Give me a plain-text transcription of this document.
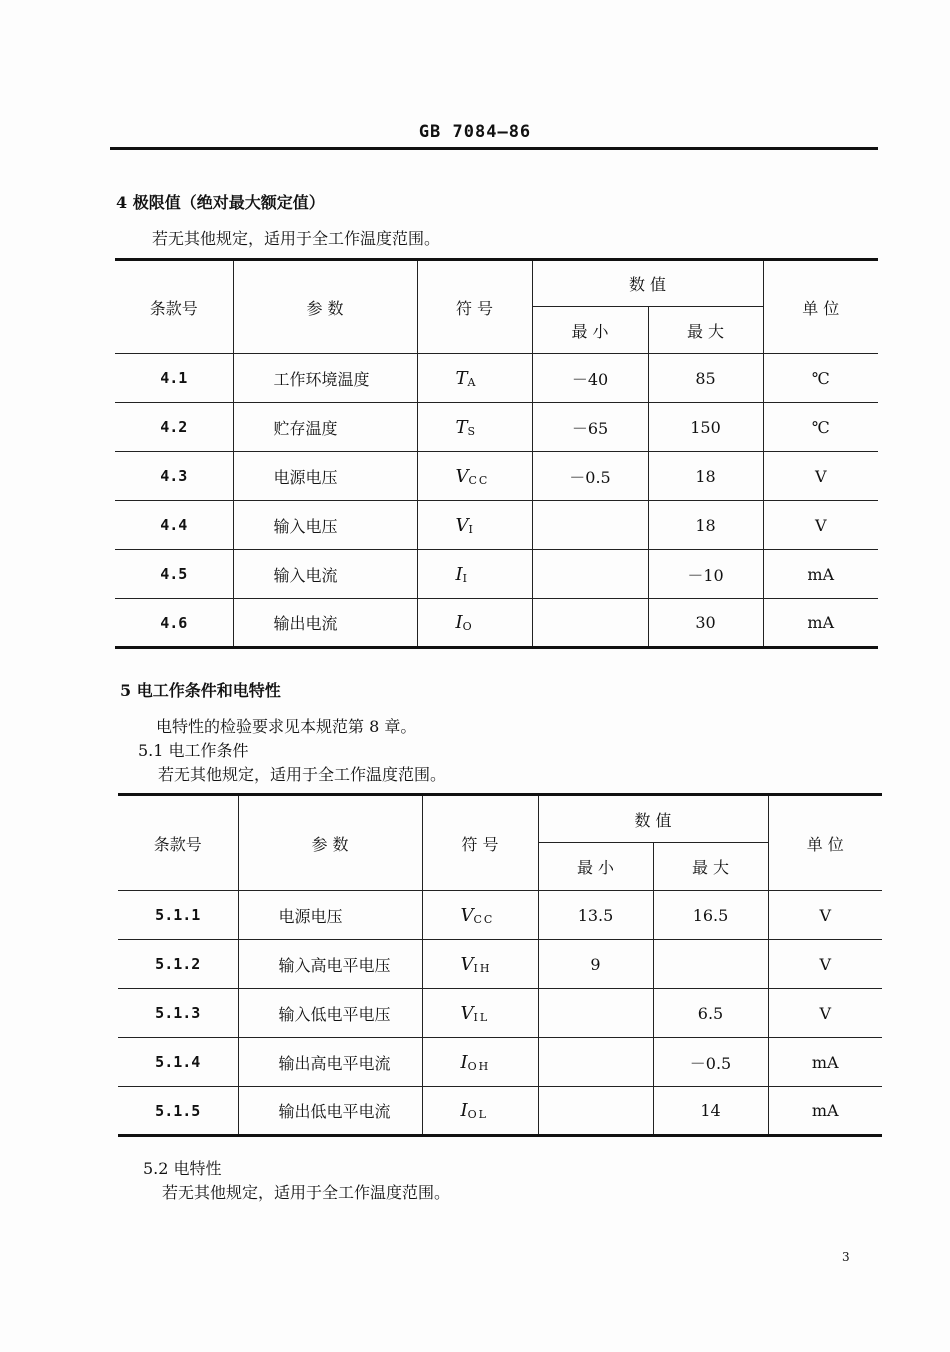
GB 7084—86
4 极限值（绝对最大额定值）
若无其他规定，适用于全工作温度范围。
条款号	参 数	符 号	数 值		单 位
			最 小	最 大	
4.1	工作环境温度	$T_A$	－40	85	℃
4.2	贮存温度	$T_S$	－65	150	℃
4.3	电源电压	$V_{CC}$	－0.5	18	V
4.4	输入电压	$V_I$		18	V
4.5	输入电流	$I_I$		－10	mA
4.6	输出电流	$I_O$		30	mA
5 电工作条件和电特性
电特性的检验要求见本规范第 8 章。
5.1 电工作条件
若无其他规定，适用于全工作温度范围。
条款号	参 数	符 号	数 值		单 位
			最 小	最 大	
5.1.1	电源电压	$V_{CC}$	13.5	16.5	V
5.1.2	输入高电平电压	$V_{IH}$	9		V
5.1.3	输入低电平电压	$V_{IL}$		6.5	V
5.1.4	输出高电平电流	$I_{OH}$		－0.5	mA
5.1.5	输出低电平电流	$I_{OL}$		14	mA
5.2 电特性
若无其他规定，适用于全工作温度范围。
3
